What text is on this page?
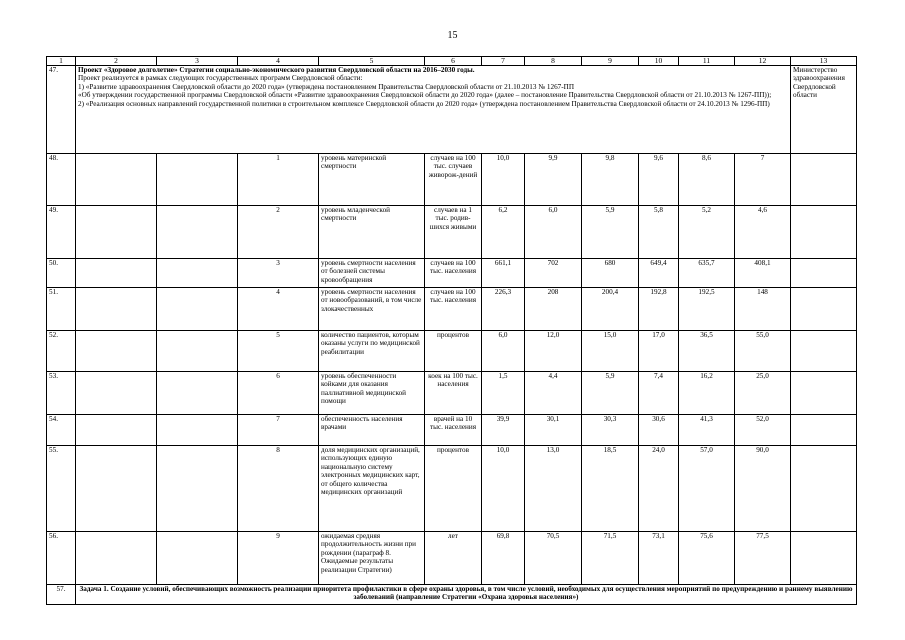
15
1	2	3	4	5	6	7	8	9	10	11	12	13
47.	Проект «Здоровое долголетие» Стратегии социально-экономического развития Свердловской области на 2016–2030 годы.
Проект реализуется в рамках следующих государственных программ Свердловской области:
1) «Развитие здравоохранения Свердловской области до 2020 года» (утверждена постановлением Правительства Свердловской области от 21.10.2013 № 1267-ПП
«Об утверждении государственной программы Свердловской области «Развитие здравоохранения Свердловской области до 2020 года» (далее – постановление Правительства Свердловской области от 21.10.2013 № 1267-ПП));
2) «Реализация основных направлений государственной политики в строительном комплексе Свердловской области до 2020 года» (утверждена постановлением Правительства Свердловской области от 24.10.2013 № 1296-ПП)											Министерство здравоохранения Свердловской области
48.			1	уровень материнской смертности	случаев на 100 тыс. случаев живорож-дений	10,0	9,9	9,8	9,6	8,6	7	
49.			2	уровень младенческой смертности	случаев на 1 тыс. родив-шихся живыми	6,2	6,0	5,9	5,8	5,2	4,6	
50.			3	уровень смертности населения от болезней системы кровообращения	случаев на 100 тыс. населения	661,1	702	680	649,4	635,7	408,1	
51.			4	уровень смертности населения от новообразований, в том числе злокачественных	случаев на 100 тыс. населения	226,3	208	200,4	192,8	192,5	148	
52.			5	количество пациентов, которым оказаны услуги по медицинской реабилитации	процентов	6,0	12,0	15,0	17,0	36,5	55,0	
53.			6	уровень обеспеченности койками для оказания паллиативной медицинской помощи	коек на 100 тыс. населения	1,5	4,4	5,9	7,4	16,2	25,0	
54.			7	обеспеченность населения врачами	врачей на 10 тыс. населения	39,9	30,1	30,3	30,6	41,3	52,0	
55.			8	доля медицинских организаций, использующих единую национальную систему электронных медицинских карт, от общего количества медицинских организаций	процентов	10,0	13,0	18,5	24,0	57,0	90,0	
56.			9	ожидаемая средняя продолжительность жизни при рождении (параграф 8. Ожидаемые результаты реализации Стратегии)	лет	69,8	70,5	71,5	73,1	75,6	77,5	
57.	Задача 1. Создание условий, обеспечивающих возможность реализации приоритета профилактики в сфере охраны здоровья, в том числе условий, необходимых для осуществления мероприятий по предупреждению и раннему выявлению заболеваний (направление Стратегии «Охрана здоровья населения»)											
